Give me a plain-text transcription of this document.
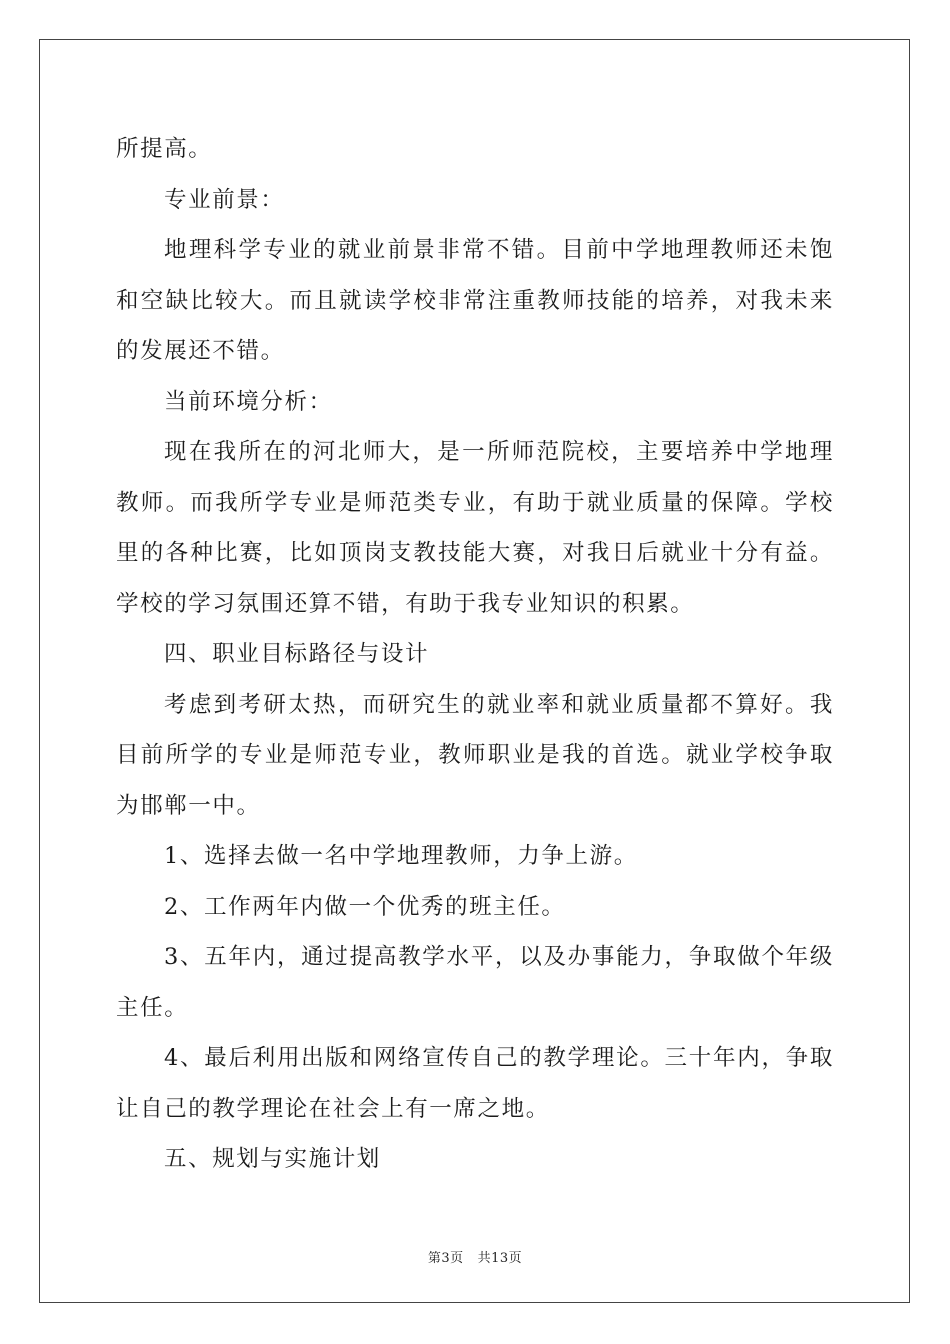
所提高。

专业前景：

地理科学专业的就业前景非常不错。目前中学地理教师还未饱和空缺比较大。而且就读学校非常注重教师技能的培养，对我未来的发展还不错。

当前环境分析：

现在我所在的河北师大，是一所师范院校，主要培养中学地理教师。而我所学专业是师范类专业，有助于就业质量的保障。学校里的各种比赛，比如顶岗支教技能大赛，对我日后就业十分有益。学校的学习氛围还算不错，有助于我专业知识的积累。

四、职业目标路径与设计

考虑到考研太热，而研究生的就业率和就业质量都不算好。我目前所学的专业是师范专业，教师职业是我的首选。就业学校争取为邯郸一中。

1、选择去做一名中学地理教师，力争上游。

2、工作两年内做一个优秀的班主任。

3、五年内，通过提高教学水平，以及办事能力，争取做个年级主任。

4、最后利用出版和网络宣传自己的教学理论。三十年内，争取让自己的教学理论在社会上有一席之地。

五、规划与实施计划

第3页 共13页
